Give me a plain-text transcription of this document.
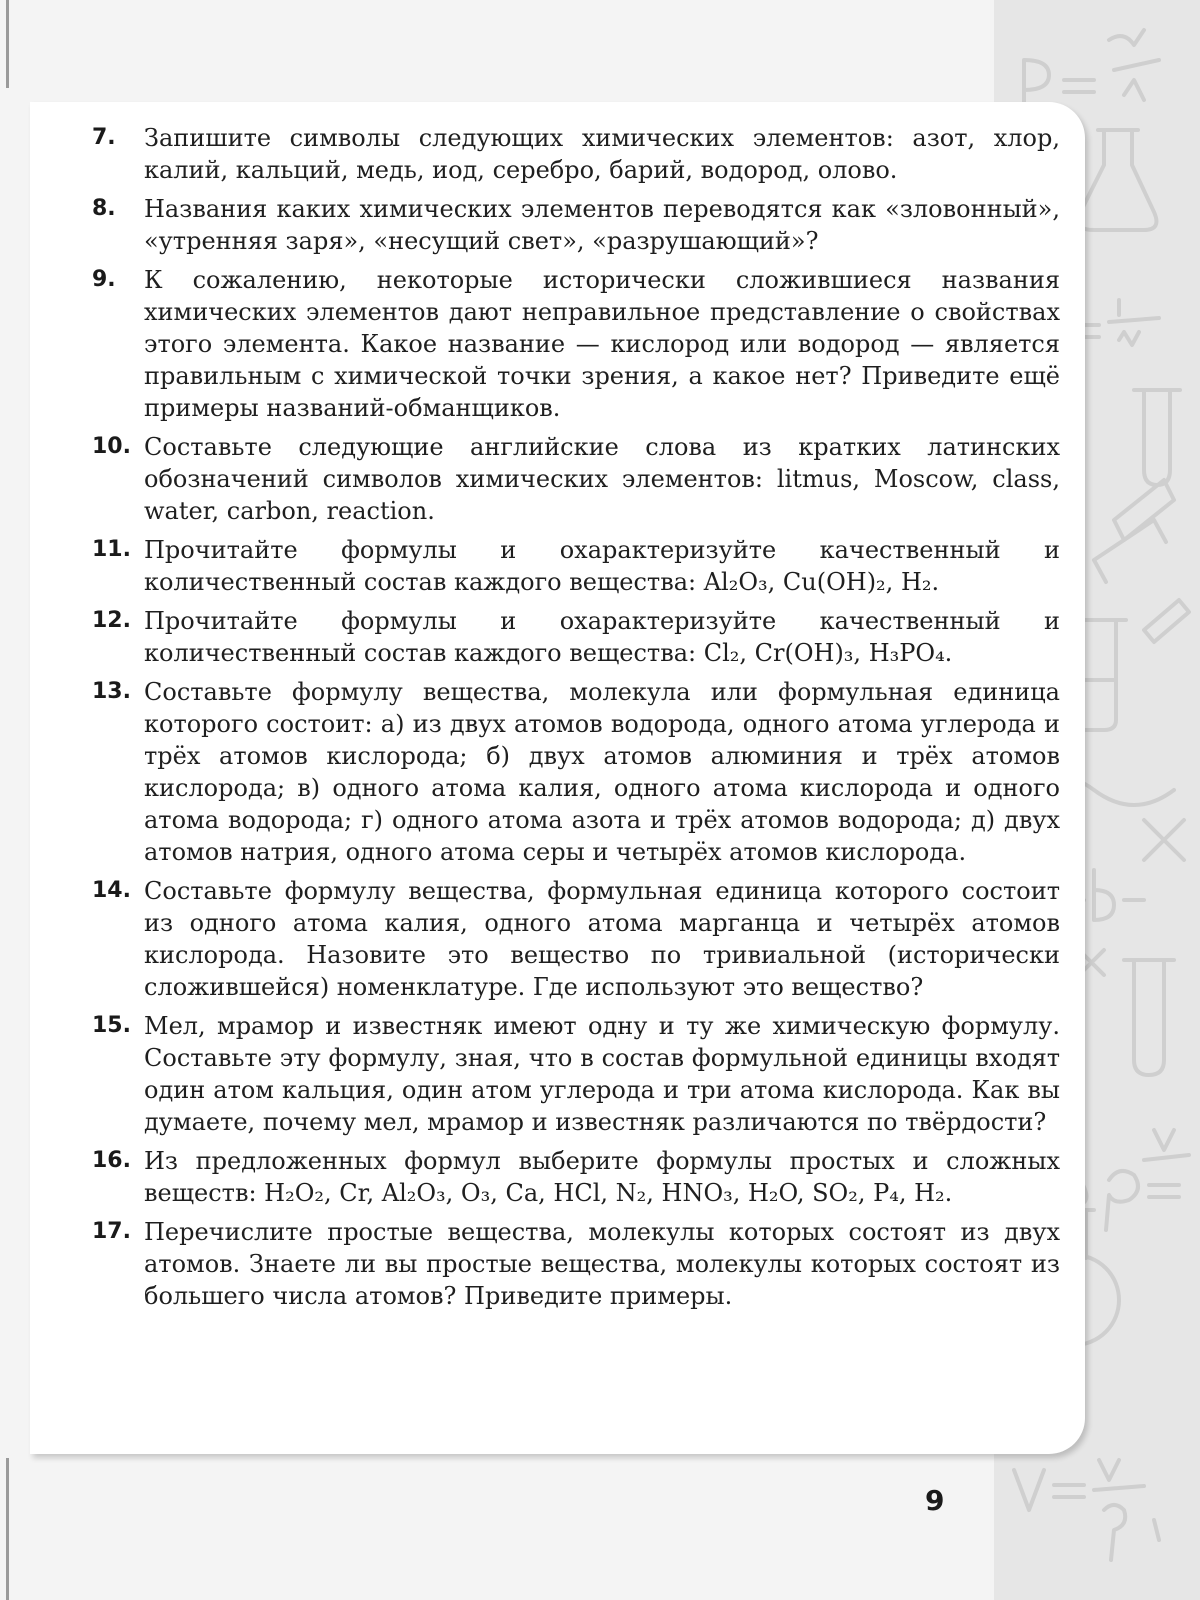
7. Запишите символы следующих химических элементов: азот, хлор, калий, кальций, медь, иод, серебро, барий, водород, олово.
8. Названия каких химических элементов переводятся как «зловонный», «утренняя заря», «несущий свет», «разрушающий»?
9. К сожалению, некоторые исторически сложившиеся названия химических элементов дают неправильное представление о свойствах этого элемента. Какое название — кислород или водород — является правильным с химической точки зрения, а какое нет? Приведите ещё примеры названий-обманщиков.
10. Составьте следующие английские слова из кратких латинских обозначений символов химических элементов: litmus, Moscow, class, water, carbon, reaction.
11. Прочитайте формулы и охарактеризуйте качественный и количественный состав каждого вещества: Al₂O₃, Cu(OH)₂, H₂.
12. Прочитайте формулы и охарактеризуйте качественный и количественный состав каждого вещества: Cl₂, Cr(OH)₃, H₃PO₄.
13. Составьте формулу вещества, молекула или формульная единица которого состоит: а) из двух атомов водорода, одного атома углерода и трёх атомов кислорода; б) двух атомов алюминия и трёх атомов кислорода; в) одного атома калия, одного атома кислорода и одного атома водорода; г) одного атома азота и трёх атомов водорода; д) двух атомов натрия, одного атома серы и четырёх атомов кислорода.
14. Составьте формулу вещества, формульная единица которого состоит из одного атома калия, одного атома марганца и четырёх атомов кислорода. Назовите это вещество по тривиальной (исторически сложившейся) номенклатуре. Где используют это вещество?
15. Мел, мрамор и известняк имеют одну и ту же химическую формулу. Составьте эту формулу, зная, что в состав формульной единицы входят один атом кальция, один атом углерода и три атома кислорода. Как вы думаете, почему мел, мрамор и известняк различаются по твёрдости?
16. Из предложенных формул выберите формулы простых и сложных веществ: H₂O₂, Cr, Al₂O₃, O₃, Ca, HCl, N₂, HNO₃, H₂O, SO₂, P₄, H₂.
17. Перечислите простые вещества, молекулы которых состоят из двух атомов. Знаете ли вы простые вещества, молекулы которых состоят из большего числа атомов? Приведите примеры.
9
